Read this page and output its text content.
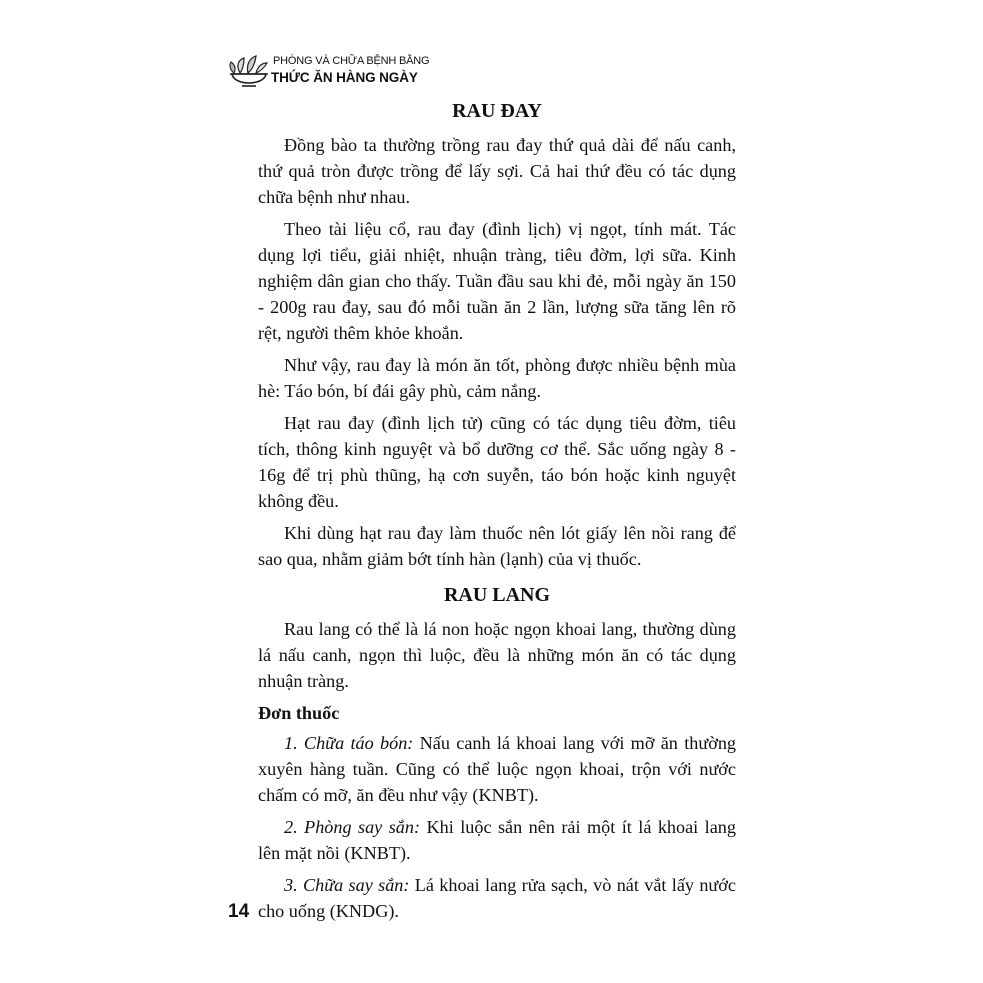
PHÒNG VÀ CHỮA BỆNH BẰNG
THỨC ĂN HÀNG NGÀY
RAU ĐAY

Đồng bào ta thường trồng rau đay thứ quả dài để nấu canh, thứ quả tròn được trồng để lấy sợi. Cả hai thứ đều có tác dụng chữa bệnh như nhau.

Theo tài liệu cổ, rau đay (đình lịch) vị ngọt, tính mát. Tác dụng lợi tiểu, giải nhiệt, nhuận tràng, tiêu đờm, lợi sữa. Kinh nghiệm dân gian cho thấy. Tuần đầu sau khi đẻ, mỗi ngày ăn 150 - 200g rau đay, sau đó mỗi tuần ăn 2 lần, lượng sữa tăng lên rõ rệt, người thêm khỏe khoắn.

Như vậy, rau đay là món ăn tốt, phòng được nhiều bệnh mùa hè: Táo bón, bí đái gây phù, cảm nắng.

Hạt rau đay (đình lịch tử) cũng có tác dụng tiêu đờm, tiêu tích, thông kinh nguyệt và bổ dưỡng cơ thể. Sắc uống ngày 8 - 16g để trị phù thũng, hạ cơn suyễn, táo bón hoặc kinh nguyệt không đều.

Khi dùng hạt rau đay làm thuốc nên lót giấy lên nồi rang để sao qua, nhằm giảm bớt tính hàn (lạnh) của vị thuốc.

RAU LANG

Rau lang có thể là lá non hoặc ngọn khoai lang, thường dùng lá nấu canh, ngọn thì luộc, đều là những món ăn có tác dụng nhuận tràng.

Đơn thuốc

1. Chữa táo bón: Nấu canh lá khoai lang với mỡ ăn thường xuyên hàng tuần. Cũng có thể luộc ngọn khoai, trộn với nước chấm có mỡ, ăn đều như vậy (KNBT).

2. Phòng say sắn: Khi luộc sắn nên rải một ít lá khoai lang lên mặt nồi (KNBT).

3. Chữa say sắn: Lá khoai lang rửa sạch, vò nát vắt lấy nước cho uống (KNDG).

14
